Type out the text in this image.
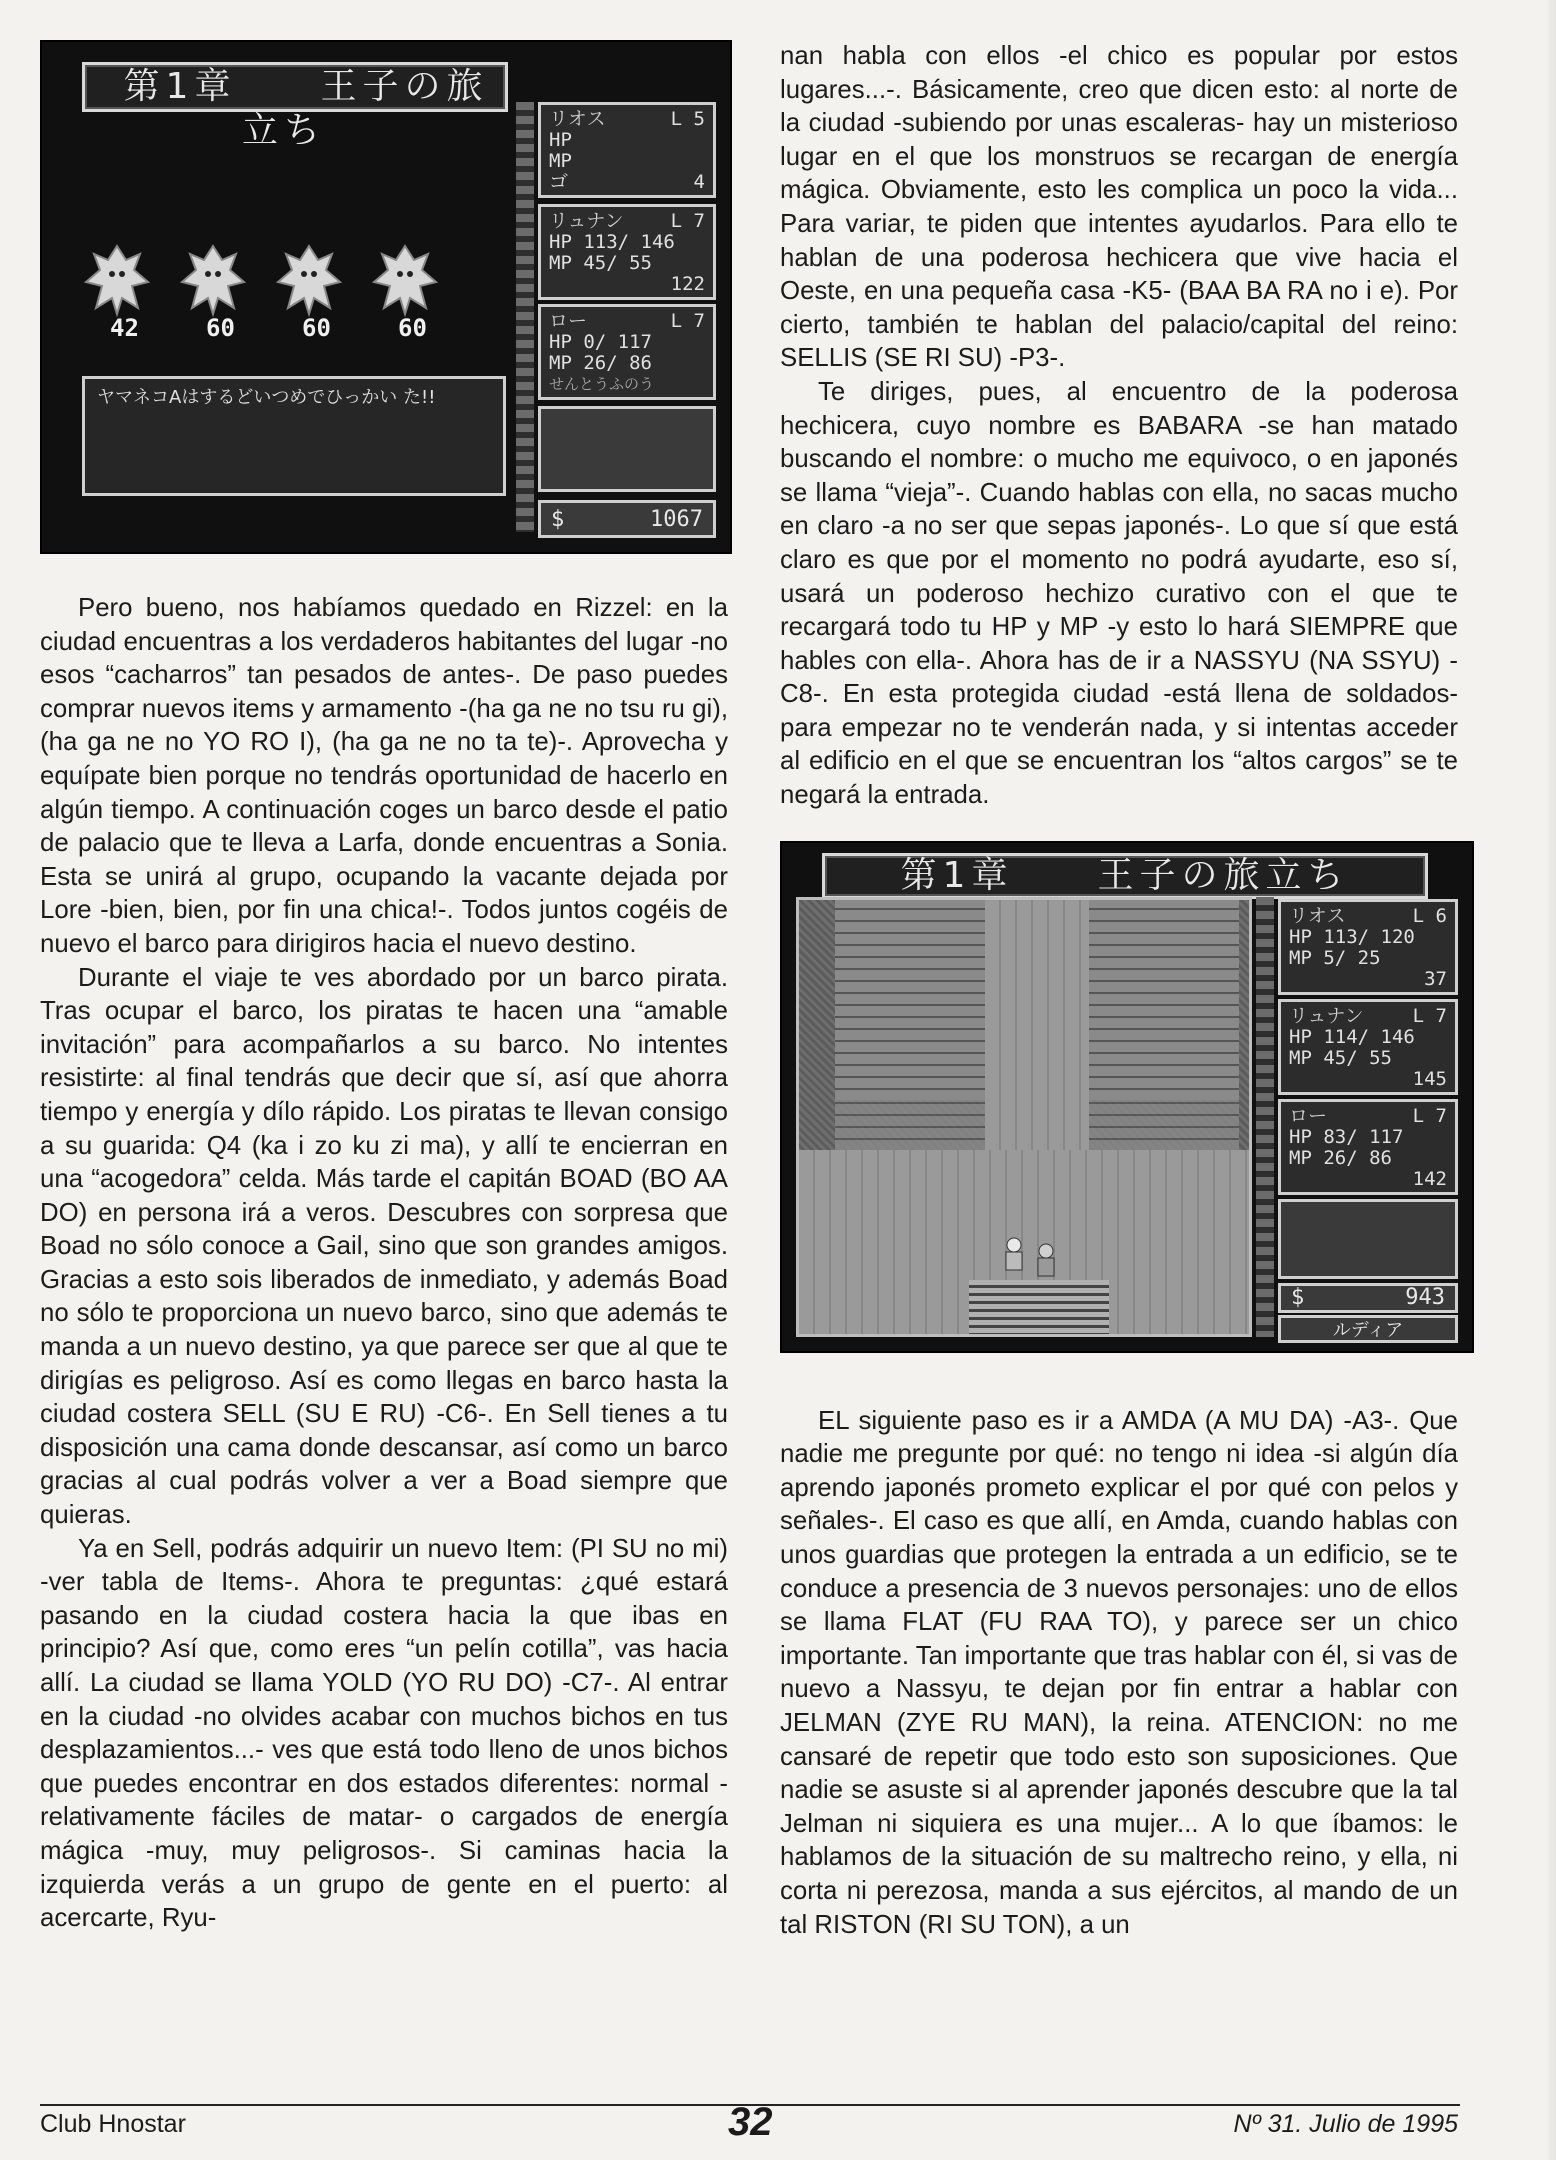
第1章　　王子の旅立ち	リオス	L 5
HP
MP
ゴ	4
リュナン L 7
HP 113/ 146
MP 45/ 55
122
ロー	L 7
HP 0/ 117
MP 26/ 86
せんとうふのう
$	1067
42	60	60	60
ヤマネコAはするどいつめでひっかい た!!

Pero bueno, nos habíamos quedado en Rizzel: en la ciudad encuentras a los verdaderos habitantes del lugar -no esos “cacharros” tan pesados de antes-. De paso puedes comprar nuevos items y armamento -(ha ga ne no tsu ru gi), (ha ga ne no YO RO I), (ha ga ne no ta te)-. Aprovecha y equípate bien porque no tendrás oportunidad de hacerlo en algún tiempo. A continuación coges un barco desde el patio de palacio que te lleva a Larfa, donde encuentras a Sonia. Esta se unirá al grupo, ocupando la vacante dejada por Lore -bien, bien, por fin una chica!-. Todos juntos cogéis de nuevo el barco para dirigiros hacia el nuevo destino.

Durante el viaje te ves abordado por un barco pirata. Tras ocupar el barco, los piratas te hacen una “amable invitación” para acompañarlos a su barco. No intentes resistirte: al final tendrás que decir que sí, así que ahorra tiempo y energía y dílo rápido. Los piratas te llevan consigo a su guarida: Q4 (ka i zo ku zi ma), y allí te encierran en una “acogedora” celda. Más tarde el capitán BOAD (BO AA DO) en persona irá a veros. Descubres con sorpresa que Boad no sólo conoce a Gail, sino que son grandes amigos. Gracias a esto sois liberados de inmediato, y además Boad no sólo te proporciona un nuevo barco, sino que además te manda a un nuevo destino, ya que parece ser que al que te dirigías es peligroso. Así es como llegas en barco hasta la ciudad costera SELL (SU E RU) -C6-. En Sell tienes a tu disposición una cama donde descansar, así como un barco gracias al cual podrás volver a ver a Boad siempre que quieras.

Ya en Sell, podrás adquirir un nuevo Item: (PI SU no mi) -ver tabla de Items-. Ahora te preguntas: ¿qué estará pasando en la ciudad costera hacia la que ibas en principio? Así que, como eres “un pelín cotilla”, vas hacia allí. La ciudad se llama YOLD (YO RU DO) -C7-. Al entrar en la ciudad -no olvides acabar con muchos bichos en tus desplazamientos...- ves que está todo lleno de unos bichos que puedes encontrar en dos estados diferentes: normal -relativamente fáciles de matar- o cargados de energía mágica -muy, muy peligrosos-. Si caminas hacia la izquierda verás a un grupo de gente en el puerto: al acercarte, Ryu-

nan habla con ellos -el chico es popular por estos lugares...-. Básicamente, creo que dicen esto: al norte de la ciudad -subiendo por unas escaleras- hay un misterioso lugar en el que los monstruos se recargan de energía mágica. Obviamente, esto les complica un poco la vida... Para variar, te piden que intentes ayudarlos. Para ello te hablan de una poderosa hechicera que vive hacia el Oeste, en una pequeña casa -K5- (BAA BA RA no i e). Por cierto, también te hablan del palacio/capital del reino: SELLIS (SE RI SU) -P3-.

Te diriges, pues, al encuentro de la poderosa hechicera, cuyo nombre es BABARA -se han matado buscando el nombre: o mucho me equivoco, o en japonés se llama “vieja”-. Cuando hablas con ella, no sacas mucho en claro -a no ser que sepas japonés-. Lo que sí que está claro es que por el momento no podrá ayudarte, eso sí, usará un poderoso hechizo curativo con el que te recargará todo tu HP y MP -y esto lo hará SIEMPRE que hables con ella-. Ahora has de ir a NASSYU (NA SSYU) -C8-. En esta protegida ciudad -está llena de soldados- para empezar no te venderán nada, y si intentas acceder al edificio en el que se encuentran los “altos cargos” se te negará la entrada.

第1章　　王子の旅立ち
リオス	L 6
HP 113/ 120
MP 5/ 25
37
リュナン	L 7
HP 114/ 146
MP 45/ 55
145
ロー	L 7
HP 83/ 117
MP 26/ 86
142
$	943
ルディア

EL siguiente paso es ir a AMDA (A MU DA) -A3-. Que nadie me pregunte por qué: no tengo ni idea -si algún día aprendo japonés prometo explicar el por qué con pelos y señales-. El caso es que allí, en Amda, cuando hablas con unos guardias que protegen la entrada a un edificio, se te conduce a presencia de 3 nuevos personajes: uno de ellos se llama FLAT (FU RAA TO), y parece ser un chico importante. Tan importante que tras hablar con él, si vas de nuevo a Nassyu, te dejan por fin entrar a hablar con JELMAN (ZYE RU MAN), la reina. ATENCION: no me cansaré de repetir que todo esto son suposiciones. Que nadie se asuste si al aprender japonés descubre que la tal Jelman ni siquiera es una mujer... A lo que íbamos: le hablamos de la situación de su maltrecho reino, y ella, ni corta ni perezosa, manda a sus ejércitos, al mando de un tal RISTON (RI SU TON), a un

Club Hnostar	32	Nº 31. Julio de 1995
